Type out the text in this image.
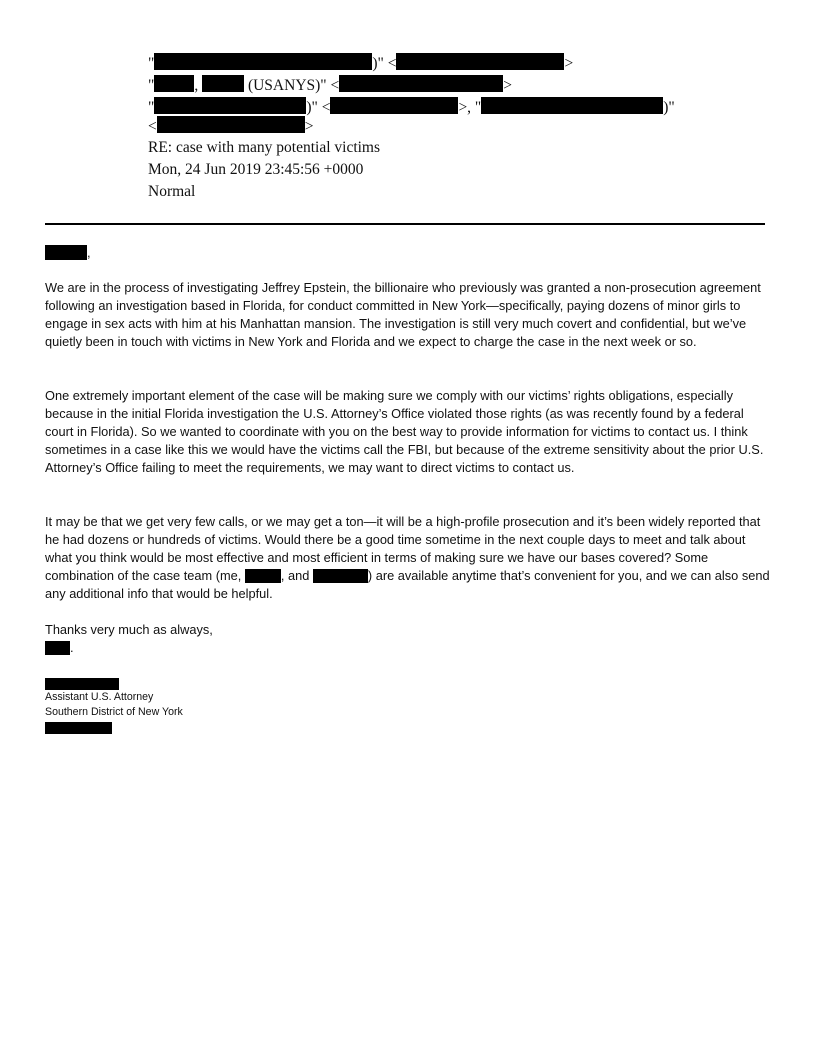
"	)" <	>
"	,	(USANYS)" <	>
"	)" <	>, "	)"
<	>
RE: case with many potential victims
Mon, 24 Jun 2019 23:45:56 +0000
Normal
,

We are in the process of investigating Jeffrey Epstein, the billionaire who previously was granted a non-prosecution agreement following an investigation based in Florida, for conduct committed in New York—specifically, paying dozens of minor girls to engage in sex acts with him at his Manhattan mansion. The investigation is still very much covert and confidential, but we’ve quietly been in touch with victims in New York and Florida and we expect to charge the case in the next week or so.

One extremely important element of the case will be making sure we comply with our victims’ rights obligations, especially because in the initial Florida investigation the U.S. Attorney’s Office violated those rights (as was recently found by a federal court in Florida). So we wanted to coordinate with you on the best way to provide information for victims to contact us. I think sometimes in a case like this we would have the victims call the FBI, but because of the extreme sensitivity about the prior U.S. Attorney’s Office failing to meet the requirements, we may want to direct victims to contact us.

It may be that we get very few calls, or we may get a ton—it will be a high-profile prosecution and it’s been widely reported that he had dozens or hundreds of victims. Would there be a good time sometime in the next couple days to meet and talk about what you think would be most effective and most efficient in terms of making sure we have our bases covered? Some combination of the case team (me,	, and	) are available anytime that’s convenient for you, and we can also send any additional info that would be helpful.

Thanks very much as always,
.
Assistant U.S. Attorney
Southern District of New York
